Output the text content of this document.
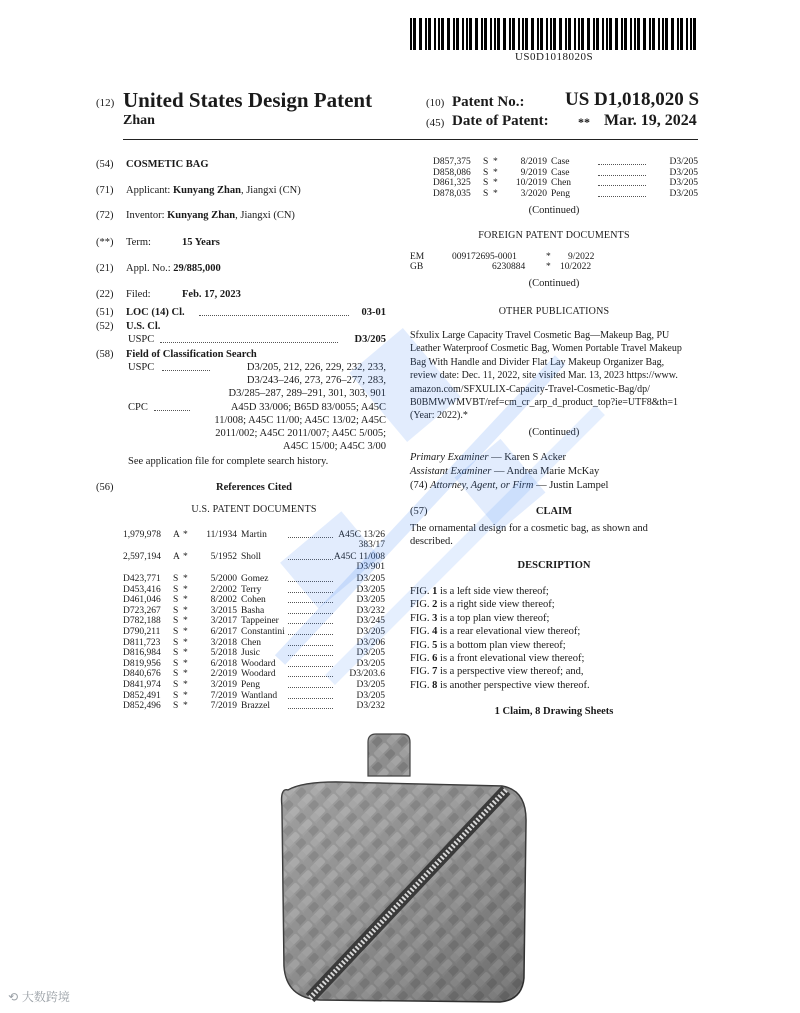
US0D1018020S
(12) United States Design Patent
Zhan
(10) Patent No.: US D1,018,020 S
(45) Date of Patent: ** Mar. 19, 2024
(54) COSMETIC BAG
(71) Applicant: Kunyang Zhan, Jiangxi (CN)
(72) Inventor: Kunyang Zhan, Jiangxi (CN)
(**) Term:	15 Years
(21) Appl. No.: 29/885,000
(22) Filed:	Feb. 17, 2023
(51) LOC (14) Cl.	03-01
(52) U.S. Cl.
USPC	D3/205
(58) Field of Classification Search
USPC	D3/205, 212, 226, 229, 232, 233,
D3/243–246, 273, 276–277, 283,
D3/285–287, 289–291, 301, 303, 901
CPC	A45D 33/006; B65D 83/0055; A45C
11/008; A45C 11/00; A45C 13/02; A45C
2011/002; A45C 2011/007; A45C 5/005;
A45C 15/00; A45C 3/00
See application file for complete search history.
(56)	References Cited
U.S. PATENT DOCUMENTS
1,979,978 A *	11/1934 Martin	A45C 13/26
383/17
2,597,194 A *	5/1952 Sholl	A45C 11/008
D3/901
D423,771 S *	5/2000 Gomez	D3/205
D453,416 S *	2/2002 Terry	D3/205
D461,046 S *	8/2002 Cohen	D3/205
D723,267 S *	3/2015 Basha	D3/232
D782,188 S *	3/2017 Tappeiner	D3/245
D790,211 S *	6/2017 Constantini	D3/205
D811,723 S *	3/2018 Chen	D3/206
D816,984 S *	5/2018 Jusic	D3/205
D819,956 S *	6/2018 Woodard	D3/205
D840,676 S *	2/2019 Woodard	D3/203.6
D841,974 S *	3/2019 Peng	D3/205
D852,491 S *	7/2019 Wantland	D3/205
D852,496 S *	7/2019 Brazzel	D3/232
D857,375 S *	8/2019 Case	D3/205
D858,086 S *	9/2019 Case	D3/205
D861,325 S *	10/2019 Chen	D3/205
D878,035 S *	3/2020 Peng	D3/205
(Continued)
FOREIGN PATENT DOCUMENTS
EM	009172695-0001	* 9/2022
GB	6230884 * 10/2022
(Continued)
OTHER PUBLICATIONS
Sfxulix Large Capacity Travel Cosmetic Bag—Makeup Bag, PU
Leather Waterproof Cosmetic Bag, Women Portable Travel Makeup
Bag With Handle and Divider Flat Lay Makeup Organizer Bag,
review date: Dec. 11, 2022, site visited Mar. 13, 2023 https://www.
amazon.com/SFXULIX-Capacity-Travel-Cosmetic-Bag/dp/
B0BMWWMVBT/ref=cm_cr_arp_d_product_top?ie=UTF8&th=1
(Year: 2022).*
(Continued)
Primary Examiner — Karen S Acker
Assistant Examiner — Andrea Marie McKay
(74) Attorney, Agent, or Firm — Justin Lampel
(57)	CLAIM
The ornamental design for a cosmetic bag, as shown and
described.
DESCRIPTION
FIG. 1 is a left side view thereof;
FIG. 2 is a right side view thereof;
FIG. 3 is a top plan view thereof;
FIG. 4 is a rear elevational view thereof;
FIG. 5 is a bottom plan view thereof;
FIG. 6 is a front elevational view thereof;
FIG. 7 is a perspective view thereof; and,
FIG. 8 is another perspective view thereof.
1 Claim, 8 Drawing Sheets
⟲ 大数跨境
